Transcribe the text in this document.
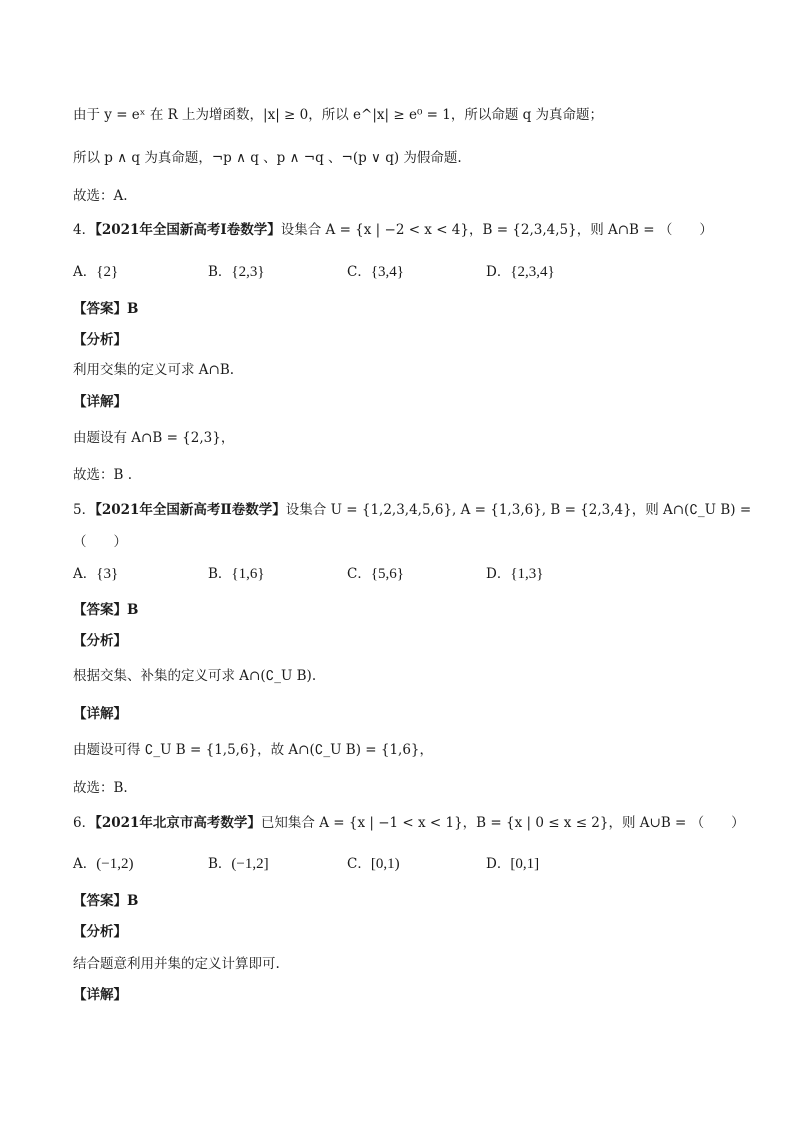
由于 y = eˣ 在 R 上为增函数，|x| ≥ 0，所以 e^|x| ≥ e⁰ = 1，所以命题 q 为真命题；
所以 p ∧ q 为真命题，¬p ∧ q 、p ∧ ¬q 、¬(p ∨ q) 为假命题.
故选：A.
4．【2021年全国新高考Ⅰ卷数学】设集合 A = {x | −2 < x < 4}，B = {2,3,4,5}，则 A∩B = （　　）
A．{2}	B．{2,3}	C．{3,4}	D．{2,3,4}
【答案】B
【分析】
利用交集的定义可求 A∩B.
【详解】
由题设有 A∩B = {2,3}，
故选：B .
5．【2021年全国新高考Ⅱ卷数学】设集合 U = {1,2,3,4,5,6}, A = {1,3,6}, B = {2,3,4}，则 A∩(∁_U B) =
（　　）
A．{3}	B．{1,6}	C．{5,6}	D．{1,3}
【答案】B
【分析】
根据交集、补集的定义可求 A∩(∁_U B).
【详解】
由题设可得 ∁_U B = {1,5,6}，故 A∩(∁_U B) = {1,6}，
故选：B.
6．【2021年北京市高考数学】已知集合 A = {x | −1 < x < 1}，B = {x | 0 ≤ x ≤ 2}，则 A∪B = （　　）
A．(−1,2)	B．(−1,2]	C．[0,1)	D．[0,1]
【答案】B
【分析】
结合题意利用并集的定义计算即可.
【详解】
